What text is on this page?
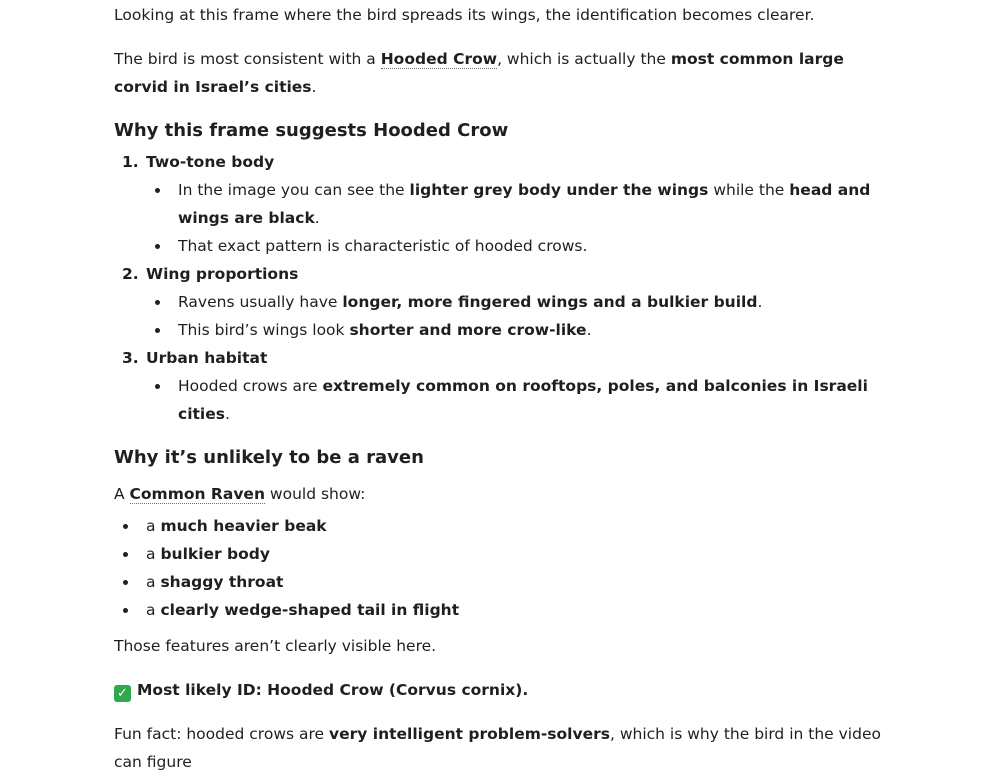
Looking at this frame where the bird spreads its wings, the identification becomes clearer.

The bird is most consistent with a Hooded Crow, which is actually the most common large corvid in Israel’s cities.

Why this frame suggests Hooded Crow
1. Two-tone body
In the image you can see the lighter grey body under the wings while the head and wings are black.
That exact pattern is characteristic of hooded crows.
2. Wing proportions
Ravens usually have longer, more fingered wings and a bulkier build.
This bird’s wings look shorter and more crow-like.
3. Urban habitat
Hooded crows are extremely common on rooftops, poles, and balconies in Israeli cities.
Why it’s unlikely to be a raven

A Common Raven would show:

a much heavier beak
a bulkier body
a shaggy throat
a clearly wedge-shaped tail in flight

Those features aren’t clearly visible here.

✓ Most likely ID: Hooded Crow (Corvus cornix).

Fun fact: hooded crows are very intelligent problem-solvers, which is why the bird in the video can figure
